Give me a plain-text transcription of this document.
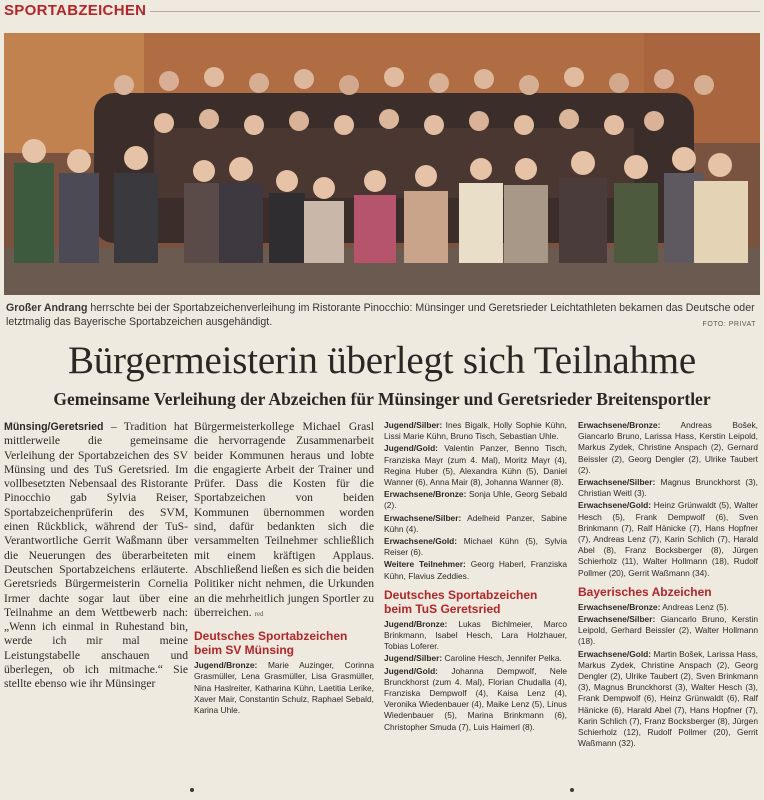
SPORTABZEICHEN
Großer Andrang herrschte bei der Sportabzeichenverleihung im Ristorante Pinocchio: Münsinger und Geretsrieder Leichtathleten bekamen das Deutsche oder letztmalig das Bayerische Sportabzeichen ausgehändigt.	FOTO: PRIVAT
Bürgermeisterin überlegt sich Teilnahme
Gemeinsame Verleihung der Abzeichen für Münsinger und Geretsrieder Breitensportler
Münsing/Geretsried – Tradition hat mittlerweile die gemeinsame Verleihung der Sportabzeichen des SV Münsing und des TuS Geretsried. Im vollbesetzten Nebensaal des Ristorante Pinocchio gab Sylvia Reiser, Sportabzeichenprüferin des SVM, einen Rückblick, während der TuS-Verantwortliche Gerrit Waßmann über die Neuerungen des überarbeiteten Deutschen Sportabzeichens erläuterte. Geretsrieds Bürgermeisterin Cornelia Irmer dachte sogar laut über eine Teilnahme an dem Wettbewerb nach: „Wenn ich einmal in Ruhestand bin, werde ich mir mal meine Leistungstabelle anschauen und überlegen, ob ich mitmache.“ Sie stellte ebenso wie ihr Münsinger
Bürgermeisterkollege Michael Grasl die hervorragende Zusammenarbeit beider Kommunen heraus und lobte die engagierte Arbeit der Trainer und Prüfer. Dass die Kosten für die Sportabzeichen von beiden Kommunen übernommen worden sind, dafür bedankten sich die versammelten Teilnehmer schließlich mit einem kräftigen Applaus. Abschließend ließen es sich die beiden Politiker nicht nehmen, die Urkunden an die mehrheitlich jungen Sportler zu überreichen. red
Deutsches Sportabzeichen beim SV Münsing
Jugend/Bronze: Marie Auzinger, Corinna Grasmüller, Lena Grasmüller, Lisa Grasmüller, Nina Haslreiter, Katharina Kühn, Laetitia Lerike, Xaver Mair, Constantin Schulz, Raphael Sebald, Karina Uhle.
Jugend/Silber: Ines Bigalk, Holly Sophie Kühn, Lissi Marie Kühn, Bruno Tisch, Sebastian Uhle.
Jugend/Gold: Valentin Panzer, Benno Tisch, Franziska Mayr (zum 4. Mal), Moritz Mayr (4), Regina Huber (5), Alexandra Kühn (5), Daniel Wanner (6), Anna Mair (8), Johanna Wanner (8).
Erwachsene/Bronze: Sonja Uhle, Georg Sebald (2).
Erwachsene/Silber: Adelheid Panzer, Sabine Kühn (4).
Erwachsene/Gold: Michael Kühn (5), Sylvia Reiser (6).
Weitere Teilnehmer: Georg Haberl, Franziska Kühn, Flavius Zeddies.
Deutsches Sportabzeichen beim TuS Geretsried
Jugend/Bronze: Lukas Bichlmeier, Marco Brinkmann, Isabel Hesch, Lara Holzhauer, Tobias Loferer.
Jugend/Silber: Caroline Hesch, Jennifer Pelka.
Jugend/Gold: Johanna Dempwolf, Nele Brunckhorst (zum 4. Mal), Florian Chudalla (4), Franziska Dempwolf (4), Kaisa Lenz (4), Veronika Wiedenbauer (4), Maike Lenz (5), Linus Wiedenbauer (5), Marina Brinkmann (6), Christopher Smuda (7), Luis Haimerl (8).
Erwachsene/Bronze: Andreas Bošek, Giancarlo Bruno, Larissa Hass, Kerstin Leipold, Markus Zydek, Christine Anspach (2), Gernard Beissler (2), Georg Dengler (2), Ulrike Taubert (2).
Erwachsene/Silber: Magnus Brunckhorst (3), Christian Weitl (3).
Erwachsene/Gold: Heinz Grünwaldt (5), Walter Hesch (5), Frank Dempwolf (6), Sven Brinkmann (7), Ralf Hänicke (7), Hans Hopfner (7), Andreas Lenz (7), Karin Schlich (7), Harald Abel (8), Franz Bocksberger (8), Jürgen Schierholz (11), Walter Hollmann (18), Rudolf Pollmer (20), Gerrit Waßmann (34).
Bayerisches Abzeichen
Erwachsene/Bronze: Andreas Lenz (5).
Erwachsene/Silber: Giancarlo Bruno, Kerstin Leipold, Gerhard Beissler (2), Walter Hollmann (18).
Erwachsene/Gold: Martin Bošek, Larissa Hass, Markus Zydek, Christine Anspach (2), Georg Dengler (2), Ulrike Taubert (2), Sven Brinkmann (3), Magnus Brunckhorst (3), Walter Hesch (3), Frank Dempwolf (6), Heinz Grünwaldt (6), Ralf Hänicke (6), Harald Abel (7), Hans Hopfner (7), Karin Schlich (7), Franz Bocksberger (8), Jürgen Schierholz (12), Rudolf Pollmer (20), Gerrit Waßmann (32).
